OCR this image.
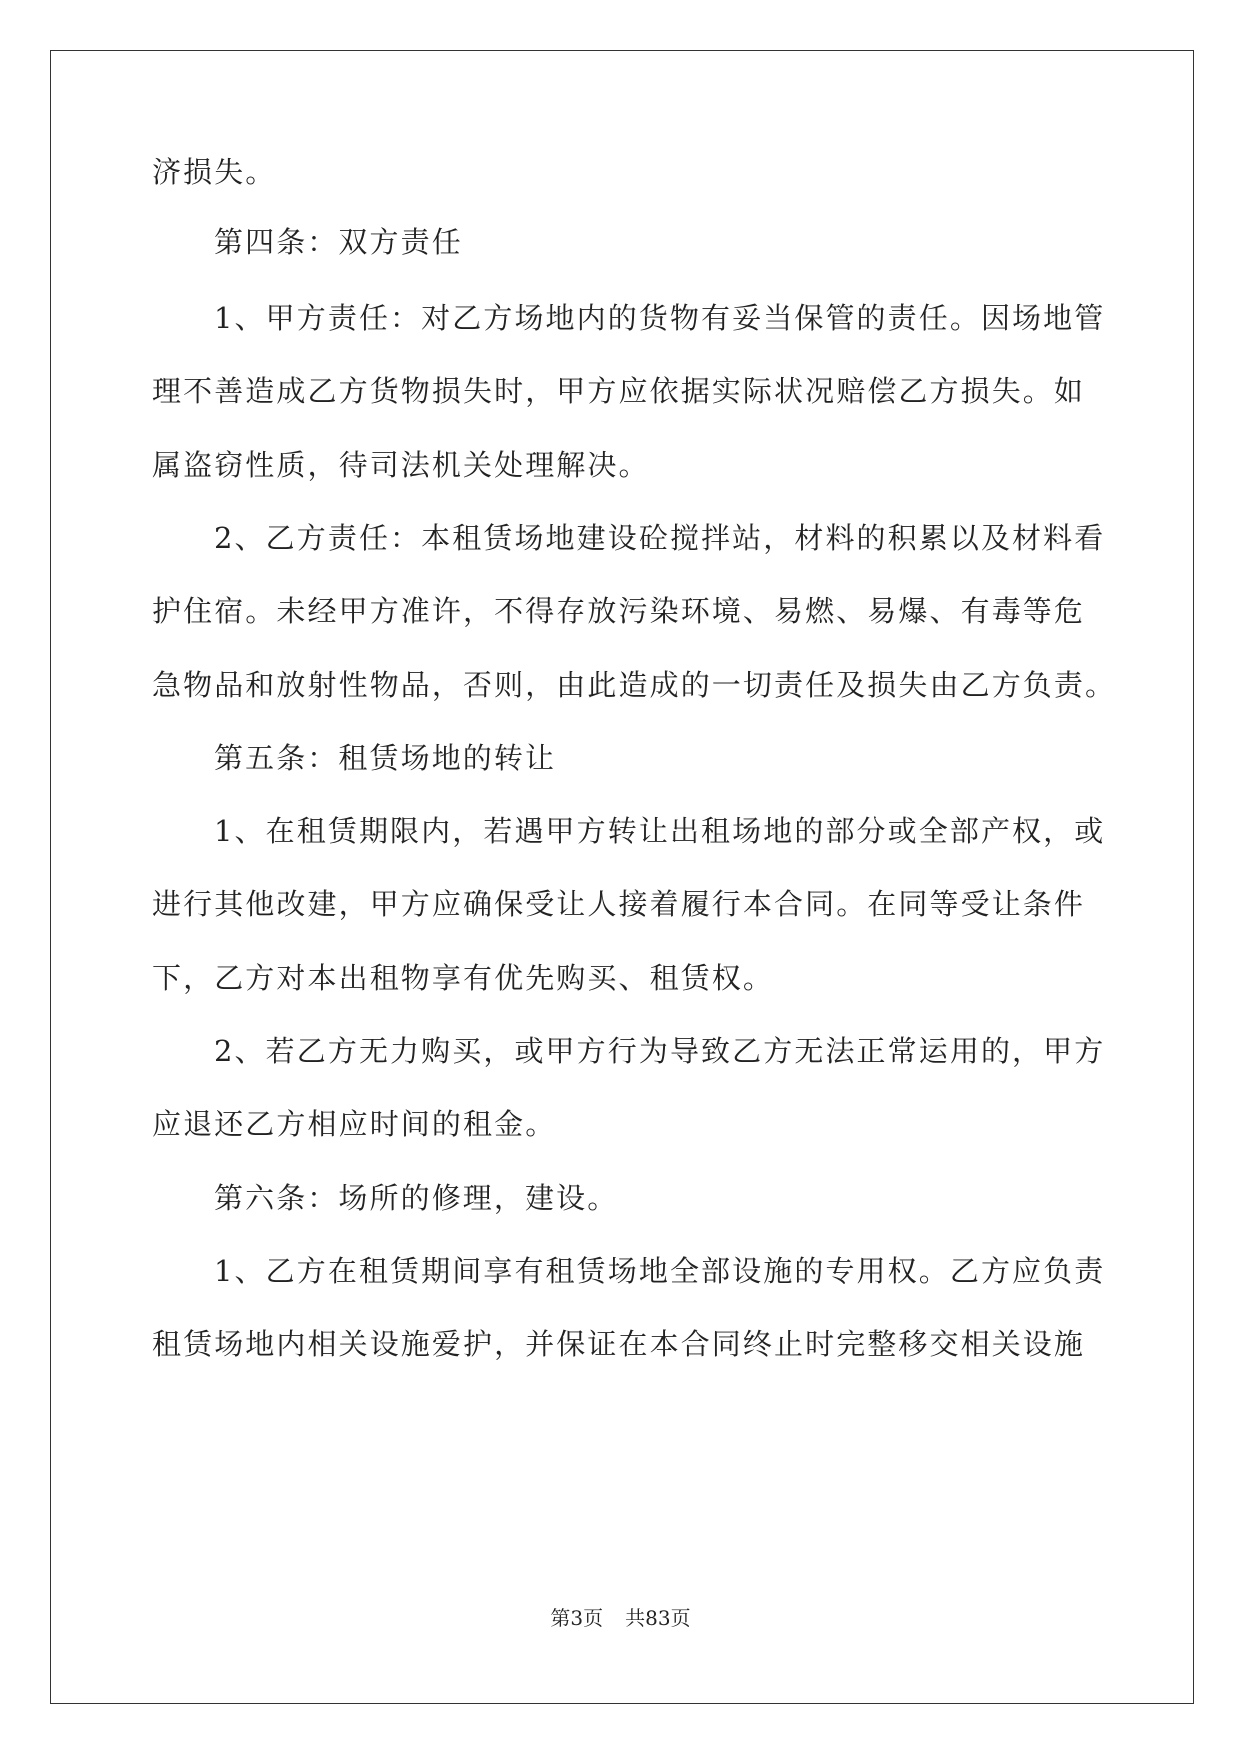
济损失。
第四条：双方责任
1、甲方责任：对乙方场地内的货物有妥当保管的责任。因场地管
理不善造成乙方货物损失时，甲方应依据实际状况赔偿乙方损失。如
属盗窃性质，待司法机关处理解决。
2、乙方责任：本租赁场地建设砼搅拌站，材料的积累以及材料看
护住宿。未经甲方准许，不得存放污染环境、易燃、易爆、有毒等危
急物品和放射性物品，否则，由此造成的一切责任及损失由乙方负责。
第五条：租赁场地的转让
1、在租赁期限内，若遇甲方转让出租场地的部分或全部产权，或
进行其他改建，甲方应确保受让人接着履行本合同。在同等受让条件
下，乙方对本出租物享有优先购买、租赁权。
2、若乙方无力购买，或甲方行为导致乙方无法正常运用的，甲方
应退还乙方相应时间的租金。
第六条：场所的修理，建设。
1、乙方在租赁期间享有租赁场地全部设施的专用权。乙方应负责
租赁场地内相关设施爱护，并保证在本合同终止时完整移交相关设施
第3页 共83页
